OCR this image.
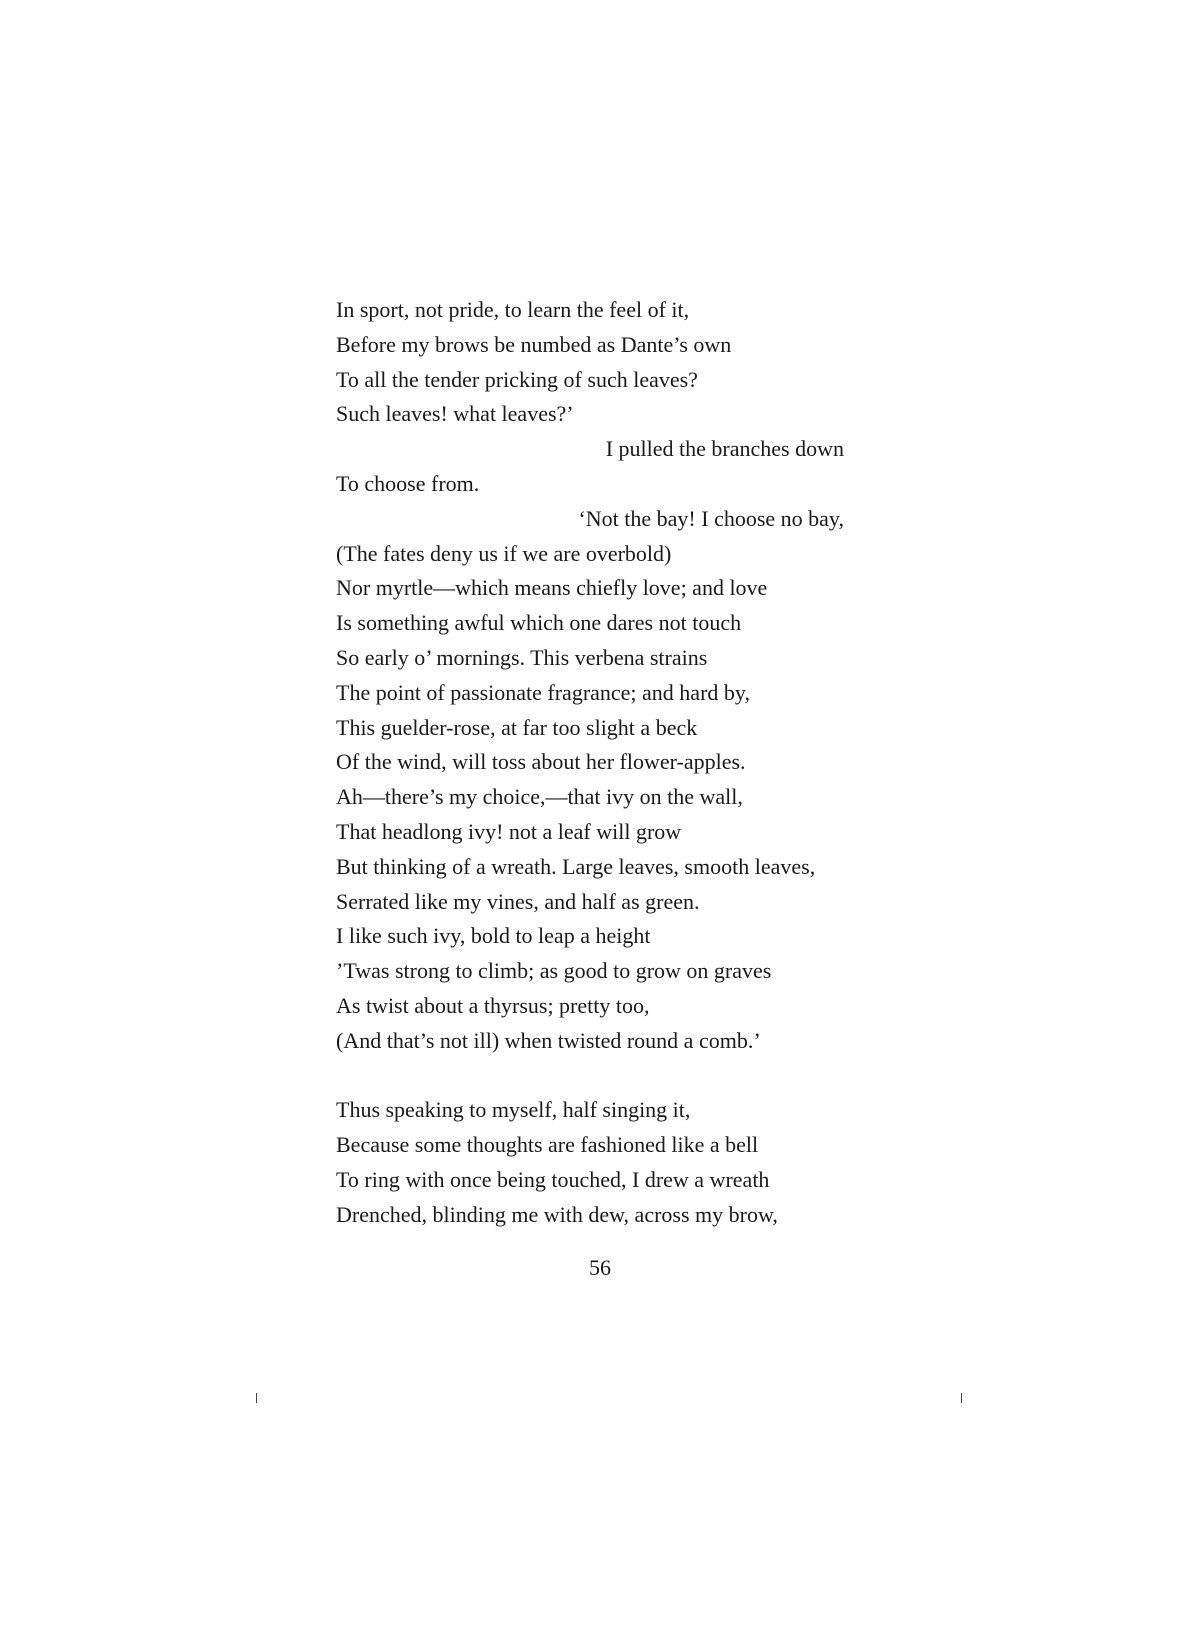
In sport, not pride, to learn the feel of it,
Before my brows be numbed as Dante’s own
To all the tender pricking of such leaves?
Such leaves! what leaves?’
I pulled the branches down
To choose from.
‘Not the bay! I choose no bay,
(The fates deny us if we are overbold)
Nor myrtle—which means chiefly love; and love
Is something awful which one dares not touch
So early o’ mornings. This verbena strains
The point of passionate fragrance; and hard by,
This guelder-rose, at far too slight a beck
Of the wind, will toss about her flower-apples.
Ah—there’s my choice,—that ivy on the wall,
That headlong ivy! not a leaf will grow
But thinking of a wreath. Large leaves, smooth leaves,
Serrated like my vines, and half as green.
I like such ivy, bold to leap a height
’Twas strong to climb; as good to grow on graves
As twist about a thyrsus; pretty too,
(And that’s not ill) when twisted round a comb.’
Thus speaking to myself, half singing it,
Because some thoughts are fashioned like a bell
To ring with once being touched, I drew a wreath
Drenched, blinding me with dew, across my brow,
56
